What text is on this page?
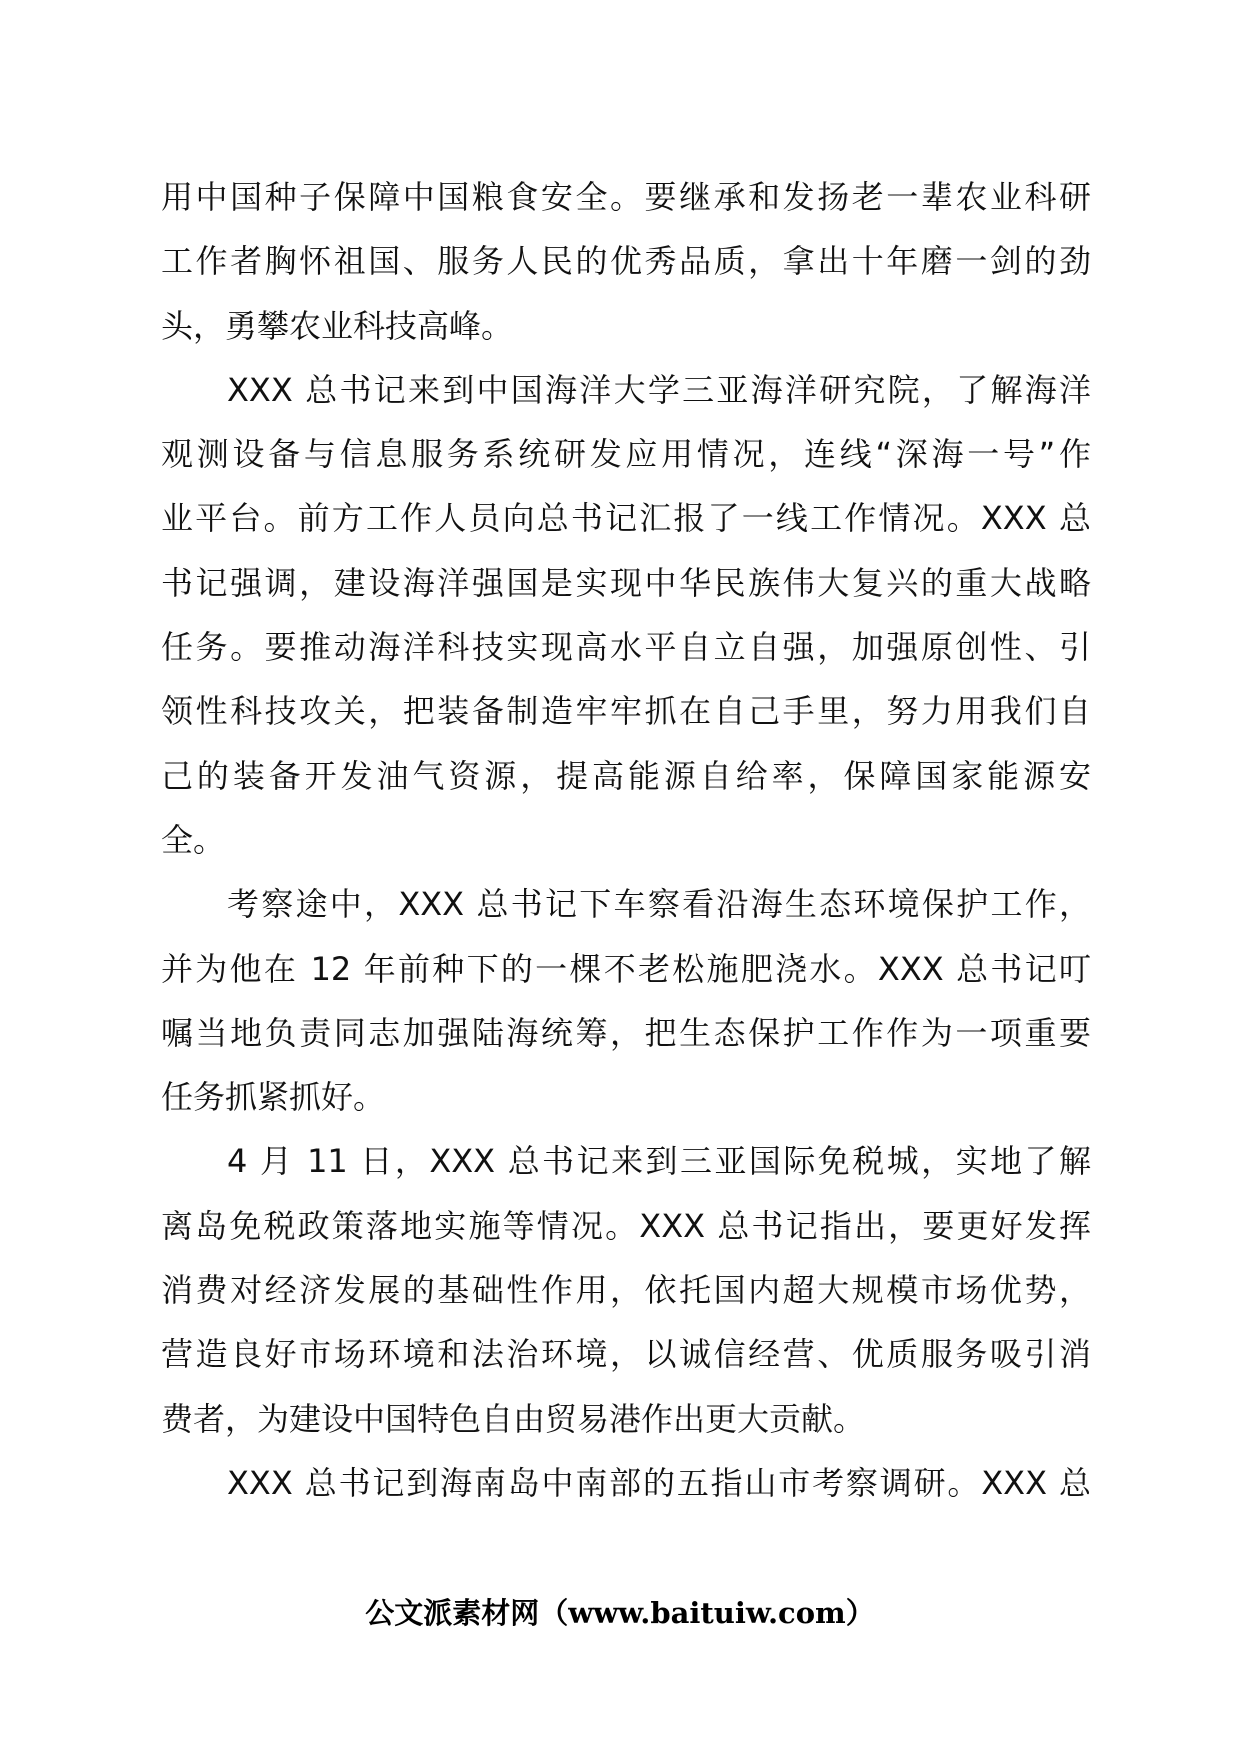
用中国种子保障中国粮食安全。要继承和发扬老一辈农业科研
工作者胸怀祖国、服务人民的优秀品质，拿出十年磨一剑的劲
头，勇攀农业科技高峰。
XXX 总书记来到中国海洋大学三亚海洋研究院，了解海洋
观测设备与信息服务系统研发应用情况，连线“深海一号”作
业平台。前方工作人员向总书记汇报了一线工作情况。XXX 总
书记强调，建设海洋强国是实现中华民族伟大复兴的重大战略
任务。要推动海洋科技实现高水平自立自强，加强原创性、引
领性科技攻关，把装备制造牢牢抓在自己手里，努力用我们自
己的装备开发油气资源，提高能源自给率，保障国家能源安
全。
考察途中，XXX 总书记下车察看沿海生态环境保护工作，
并为他在 12 年前种下的一棵不老松施肥浇水。XXX 总书记叮
嘱当地负责同志加强陆海统筹，把生态保护工作作为一项重要
任务抓紧抓好。
4 月 11 日，XXX 总书记来到三亚国际免税城，实地了解
离岛免税政策落地实施等情况。XXX 总书记指出，要更好发挥
消费对经济发展的基础性作用，依托国内超大规模市场优势，
营造良好市场环境和法治环境，以诚信经营、优质服务吸引消
费者，为建设中国特色自由贸易港作出更大贡献。
XXX 总书记到海南岛中南部的五指山市考察调研。XXX 总
公文派素材网（www.baituiw.com）
